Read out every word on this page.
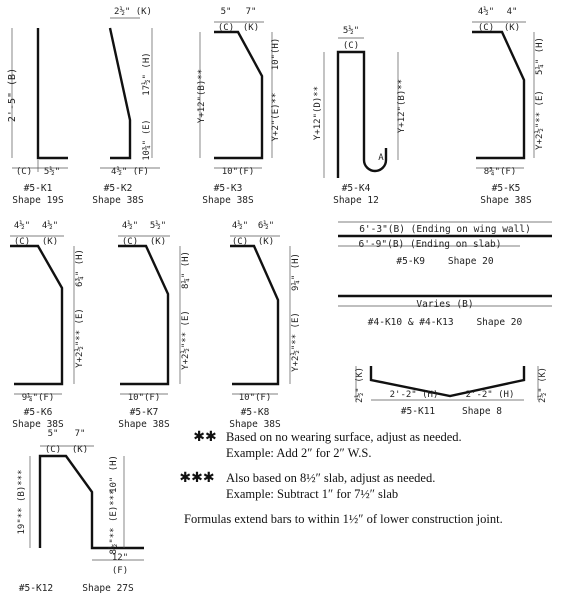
2'-5" (B)
(C) 5½"
#5-K1
Shape 19S
2½" (K)
17½" (H)
10¾" (E)
4½" (F)
#5-K2
Shape 38S
5" 7"
(C) (K)
Y+12"(B)**
10"(H)
Y+2"(E)**
10"(F)
#5-K3
Shape 38S
5½"
(C)
Y+12"(D)**	Y+12"(B)**
A
#5-K4
Shape 12
4½" 4"
(C) (K)
5¼" (H)
Y+2½"** (E)
8¾"(F)
#5-K5
Shape 38S
4½" 4½"
(C) (K)
6¾" (H)
Y+2½"** (E)
9¼"(F)
#5-K6
Shape 38S
4½" 5½"
(C) (K)
8¼" (H)
Y+2½"** (E)
10"(F)
#5-K7
Shape 38S
4½" 6½"
(C) (K)
9¼" (H)
Y+2½"** (E)
10"(F)
#5-K8
Shape 38S
6'-3"(B) (Ending on wing wall)
6'-9"(B) (Ending on slab)
#5-K9    Shape 20
Varies (B)
#4-K10 & #4-K13    Shape 20
2½" (K)	2'-2" (H)	2'-2" (H)	2½" (K)
#5-K11	Shape 8
5" 7"
(C) (K)
19"** (B)***	10" (H)
8½"** (E)***
12"
(F)
#5-K12	Shape 27S
✱✱ Based on no wearing surface, adjust as needed.
Example: Add 2″ for 2″ W.S.
✱✱✱ Also based on 8½″ slab, adjust as needed.
Example: Subtract 1″ for 7½″ slab
Formulas extend bars to within 1½″ of lower construction joint.
